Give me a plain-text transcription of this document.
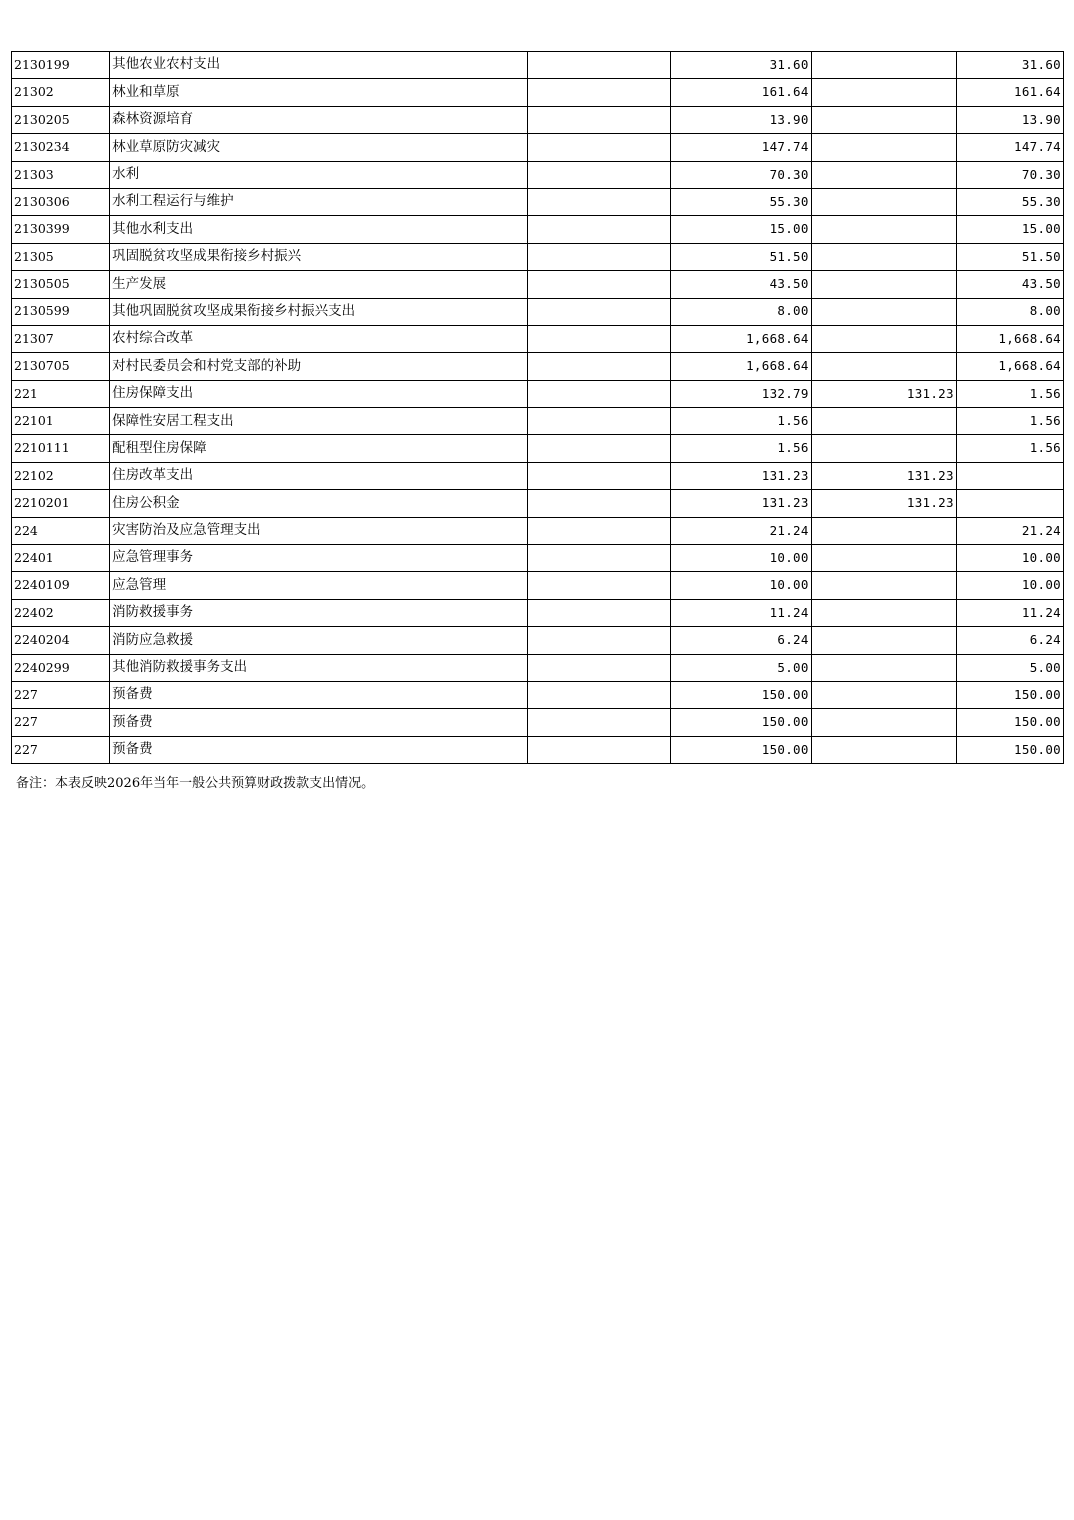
2130199	其他农业农村支出		31.60		31.60
21302	林业和草原		161.64		161.64
2130205	森林资源培育		13.90		13.90
2130234	林业草原防灾减灾		147.74		147.74
21303	水利		70.30		70.30
2130306	水利工程运行与维护		55.30		55.30
2130399	其他水利支出		15.00		15.00
21305	巩固脱贫攻坚成果衔接乡村振兴		51.50		51.50
2130505	生产发展		43.50		43.50
2130599	其他巩固脱贫攻坚成果衔接乡村振兴支出		8.00		8.00
21307	农村综合改革		1,668.64		1,668.64
2130705	对村民委员会和村党支部的补助		1,668.64		1,668.64
221	住房保障支出		132.79	131.23	1.56
22101	保障性安居工程支出		1.56		1.56
2210111	配租型住房保障		1.56		1.56
22102	住房改革支出		131.23	131.23	
2210201	住房公积金		131.23	131.23	
224	灾害防治及应急管理支出		21.24		21.24
22401	应急管理事务		10.00		10.00
2240109	应急管理		10.00		10.00
22402	消防救援事务		11.24		11.24
2240204	消防应急救援		6.24		6.24
2240299	其他消防救援事务支出		5.00		5.00
227	预备费		150.00		150.00
227	预备费		150.00		150.00
227	预备费		150.00		150.00
备注：本表反映2026年当年一般公共预算财政拨款支出情况。
